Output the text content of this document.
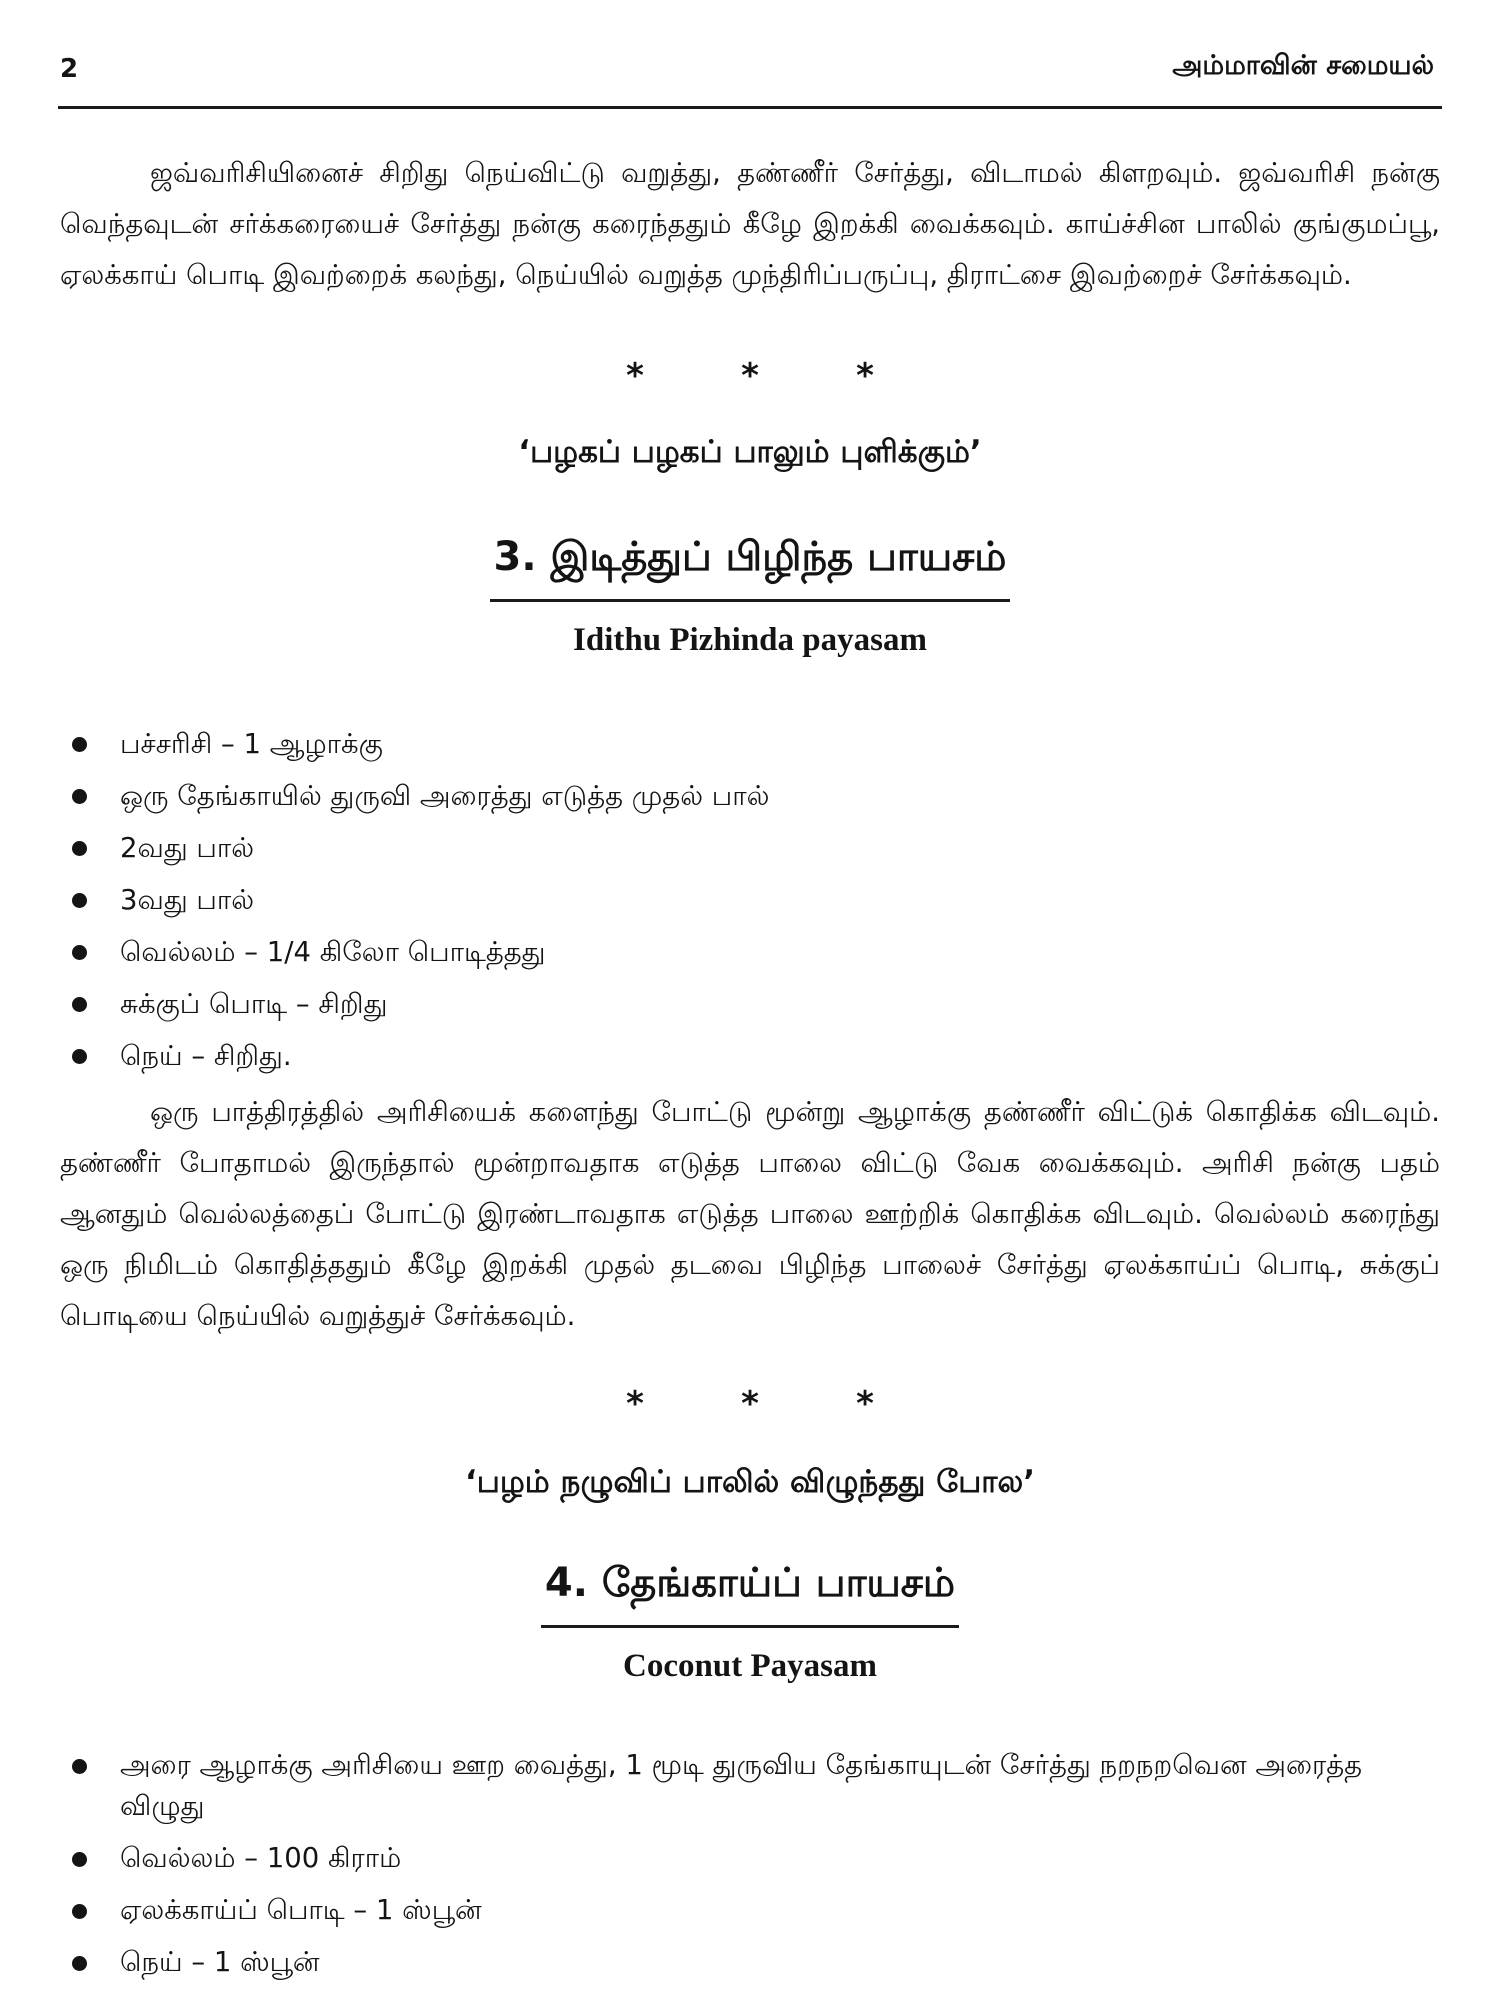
2	அம்மாவின் சமையல்

ஜவ்வரிசியினைச் சிறிது நெய்விட்டு வறுத்து, தண்ணீர் சேர்த்து, விடாமல் கிளறவும். ஜவ்வரிசி நன்கு வெந்தவுடன் சர்க்கரையைச் சேர்த்து நன்கு கரைந்ததும் கீழே இறக்கி வைக்கவும். காய்ச்சின பாலில் குங்குமப்பூ, ஏலக்காய் பொடி இவற்றைக் கலந்து, நெய்யில் வறுத்த முந்திரிப்பருப்பு, திராட்சை இவற்றைச் சேர்க்கவும்.

*	*	*
‘பழகப் பழகப் பாலும் புளிக்கும்’
3. இடித்துப் பிழிந்த பாயசம்
Idithu Pizhinda payasam
பச்சரிசி – 1 ஆழாக்கு
ஒரு தேங்காயில் துருவி அரைத்து எடுத்த முதல் பால்
2வது பால்
3வது பால்
வெல்லம் – 1/4 கிலோ பொடித்தது
சுக்குப் பொடி – சிறிது
நெய் – சிறிது.

ஒரு பாத்திரத்தில் அரிசியைக் களைந்து போட்டு மூன்று ஆழாக்கு தண்ணீர் விட்டுக் கொதிக்க விடவும். தண்ணீர் போதாமல் இருந்தால் மூன்றாவதாக எடுத்த பாலை விட்டு வேக வைக்கவும். அரிசி நன்கு பதம் ஆனதும் வெல்லத்தைப் போட்டு இரண்டாவதாக எடுத்த பாலை ஊற்றிக் கொதிக்க விடவும். வெல்லம் கரைந்து ஒரு நிமிடம் கொதித்ததும் கீழே இறக்கி முதல் தடவை பிழிந்த பாலைச் சேர்த்து ஏலக்காய்ப் பொடி, சுக்குப் பொடியை நெய்யில் வறுத்துச் சேர்க்கவும்.

*	*	*
‘பழம் நழுவிப் பாலில் விழுந்தது போல’
4. தேங்காய்ப் பாயசம்
Coconut Payasam
அரை ஆழாக்கு அரிசியை ஊற வைத்து, 1 மூடி துருவிய தேங்காயுடன் சேர்த்து நறநறவென அரைத்த விழுது
வெல்லம் – 100 கிராம்
ஏலக்காய்ப் பொடி – 1 ஸ்பூன்
நெய் – 1 ஸ்பூன்
